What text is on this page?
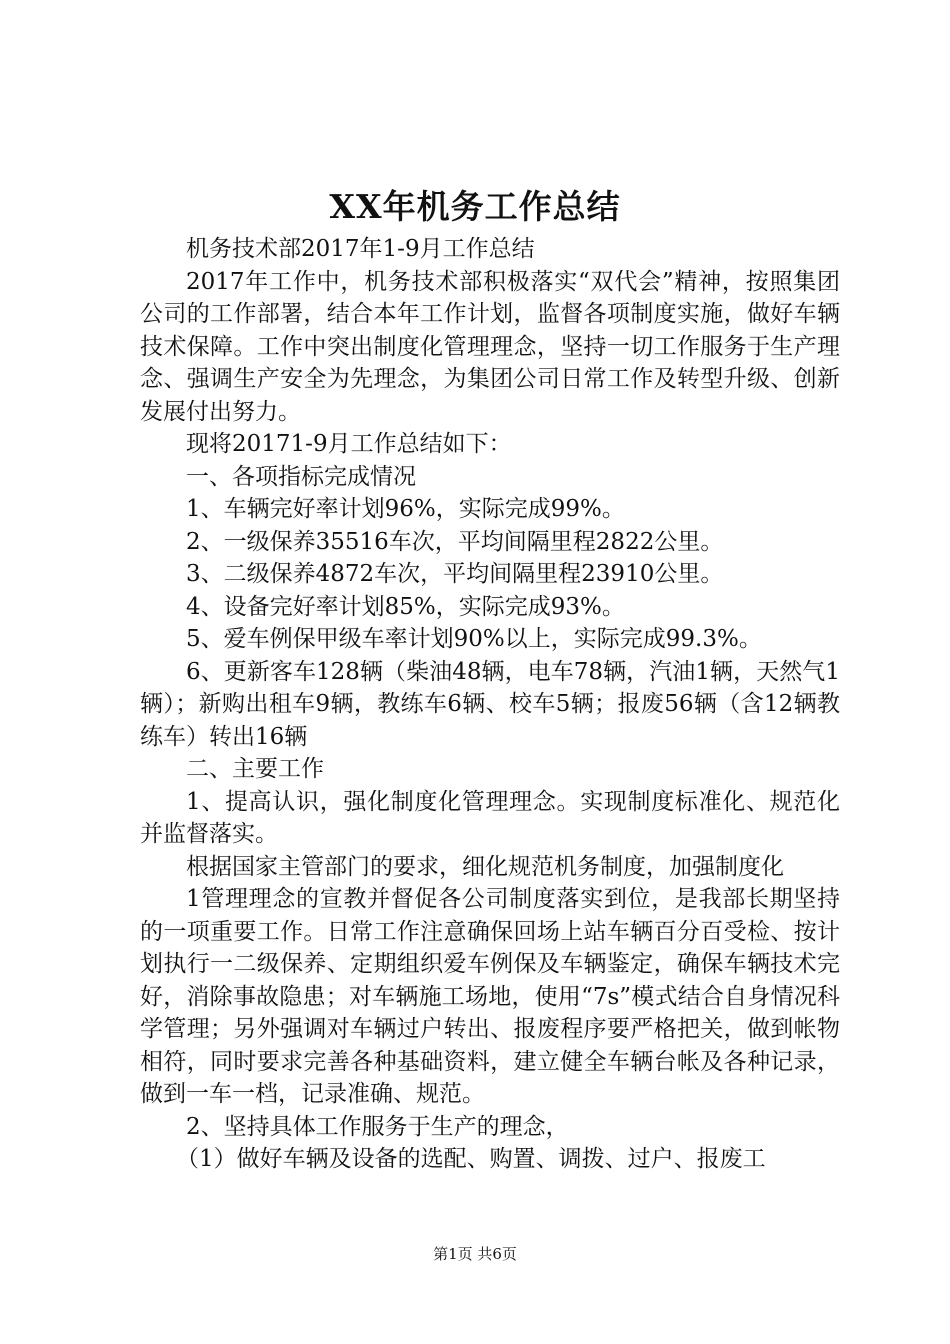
XX年机务工作总结

机务技术部2017年1-9月工作总结

2017年工作中，机务技术部积极落实“双代会”精神，按照集团公司的工作部署，结合本年工作计划，监督各项制度实施，做好车辆技术保障。工作中突出制度化管理理念，坚持一切工作服务于生产理念、强调生产安全为先理念，为集团公司日常工作及转型升级、创新发展付出努力。

现将20171-9月工作总结如下：

一、各项指标完成情况

1、车辆完好率计划96%，实际完成99%。

2、一级保养35516车次，平均间隔里程2822公里。

3、二级保养4872车次，平均间隔里程23910公里。

4、设备完好率计划85%，实际完成93%。

5、爱车例保甲级车率计划90%以上，实际完成99.3%。

6、更新客车128辆（柴油48辆，电车78辆，汽油1辆，天然气1辆）；新购出租车9辆，教练车6辆、校车5辆；报废56辆（含12辆教练车）转出16辆

二、主要工作

1、提高认识，强化制度化管理理念。实现制度标准化、规范化并监督落实。

根据国家主管部门的要求，细化规范机务制度，加强制度化

1管理理念的宣教并督促各公司制度落实到位，是我部长期坚持的一项重要工作。日常工作注意确保回场上站车辆百分百受检、按计划执行一二级保养、定期组织爱车例保及车辆鉴定，确保车辆技术完好，消除事故隐患；对车辆施工场地，使用“7s”模式结合自身情况科学管理；另外强调对车辆过户转出、报废程序要严格把关，做到帐物相符，同时要求完善各种基础资料，建立健全车辆台帐及各种记录，做到一车一档，记录准确、规范。

2、坚持具体工作服务于生产的理念，

（1）做好车辆及设备的选配、购置、调拨、过户、报废工

第1页 共6页
